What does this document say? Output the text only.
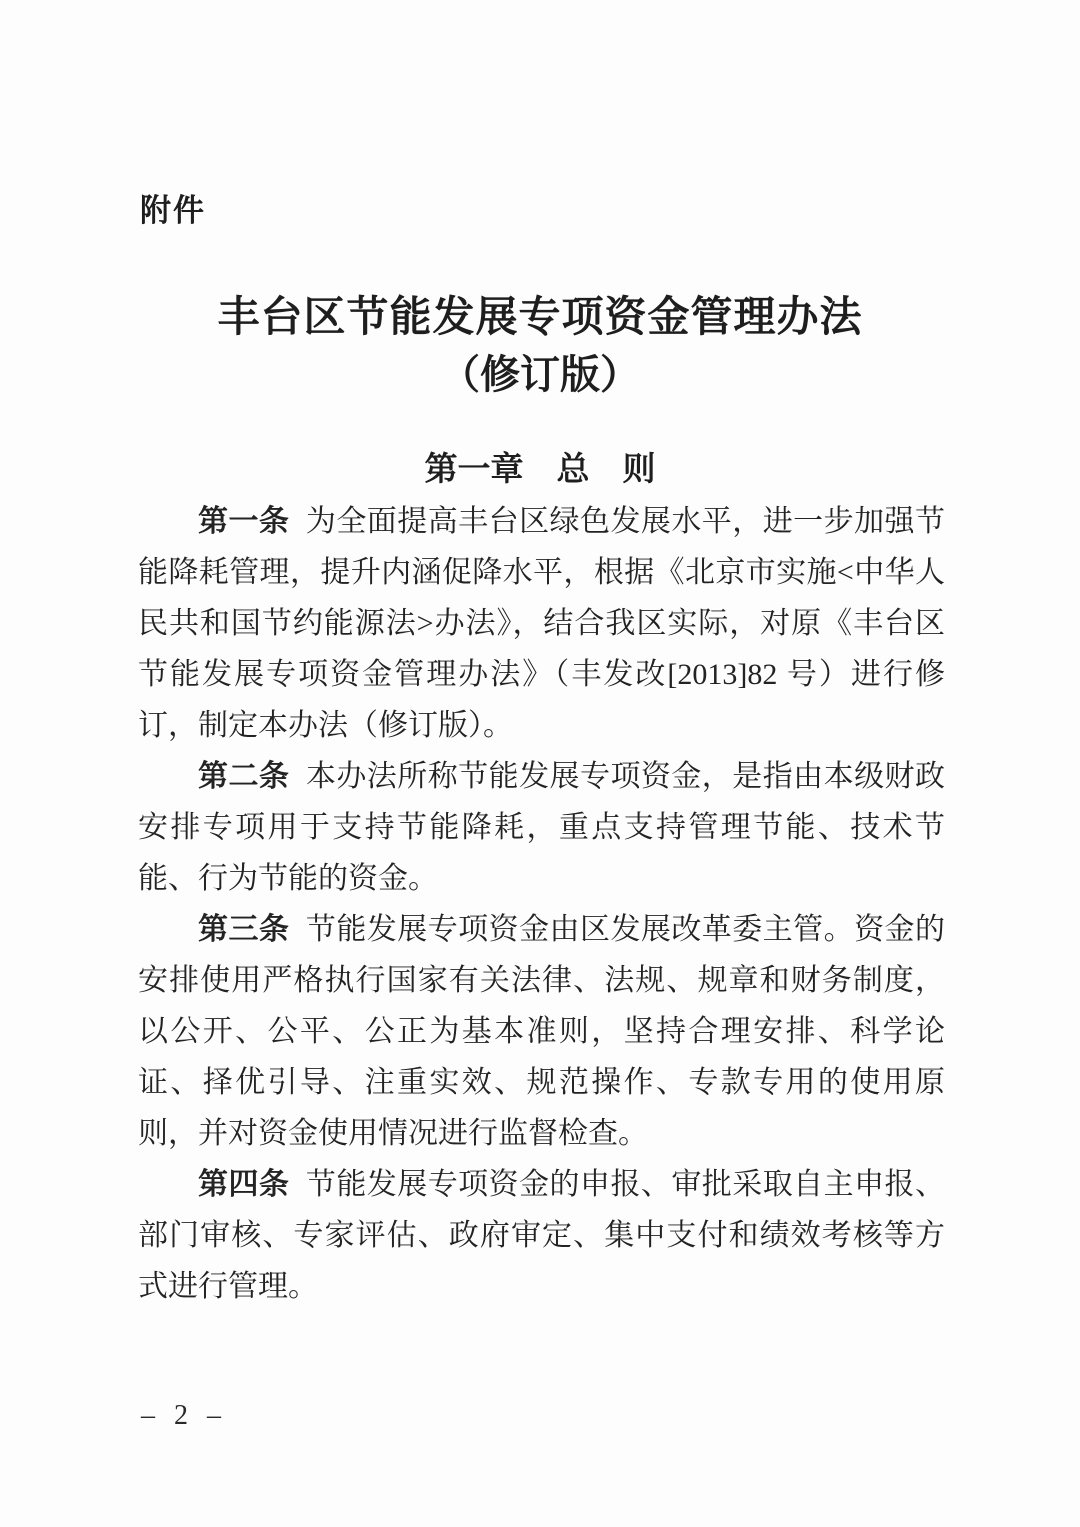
附件
丰台区节能发展专项资金管理办法
（修订版）
第一章　总　则

第一条 为全面提高丰台区绿色发展水平，进一步加强节能降耗管理，提升内涵促降水平，根据《北京市实施<中华人民共和国节约能源法>办法》，结合我区实际，对原《丰台区节能发展专项资金管理办法》（丰发改[2013]82 号）进行修订，制定本办法（修订版）。

第二条 本办法所称节能发展专项资金，是指由本级财政安排专项用于支持节能降耗，重点支持管理节能、技术节能、行为节能的资金。

第三条 节能发展专项资金由区发展改革委主管。资金的安排使用严格执行国家有关法律、法规、规章和财务制度，以公开、公平、公正为基本准则，坚持合理安排、科学论证、择优引导、注重实效、规范操作、专款专用的使用原则，并对资金使用情况进行监督检查。

第四条 节能发展专项资金的申报、审批采取自主申报、部门审核、专家评估、政府审定、集中支付和绩效考核等方式进行管理。

– 2 –
